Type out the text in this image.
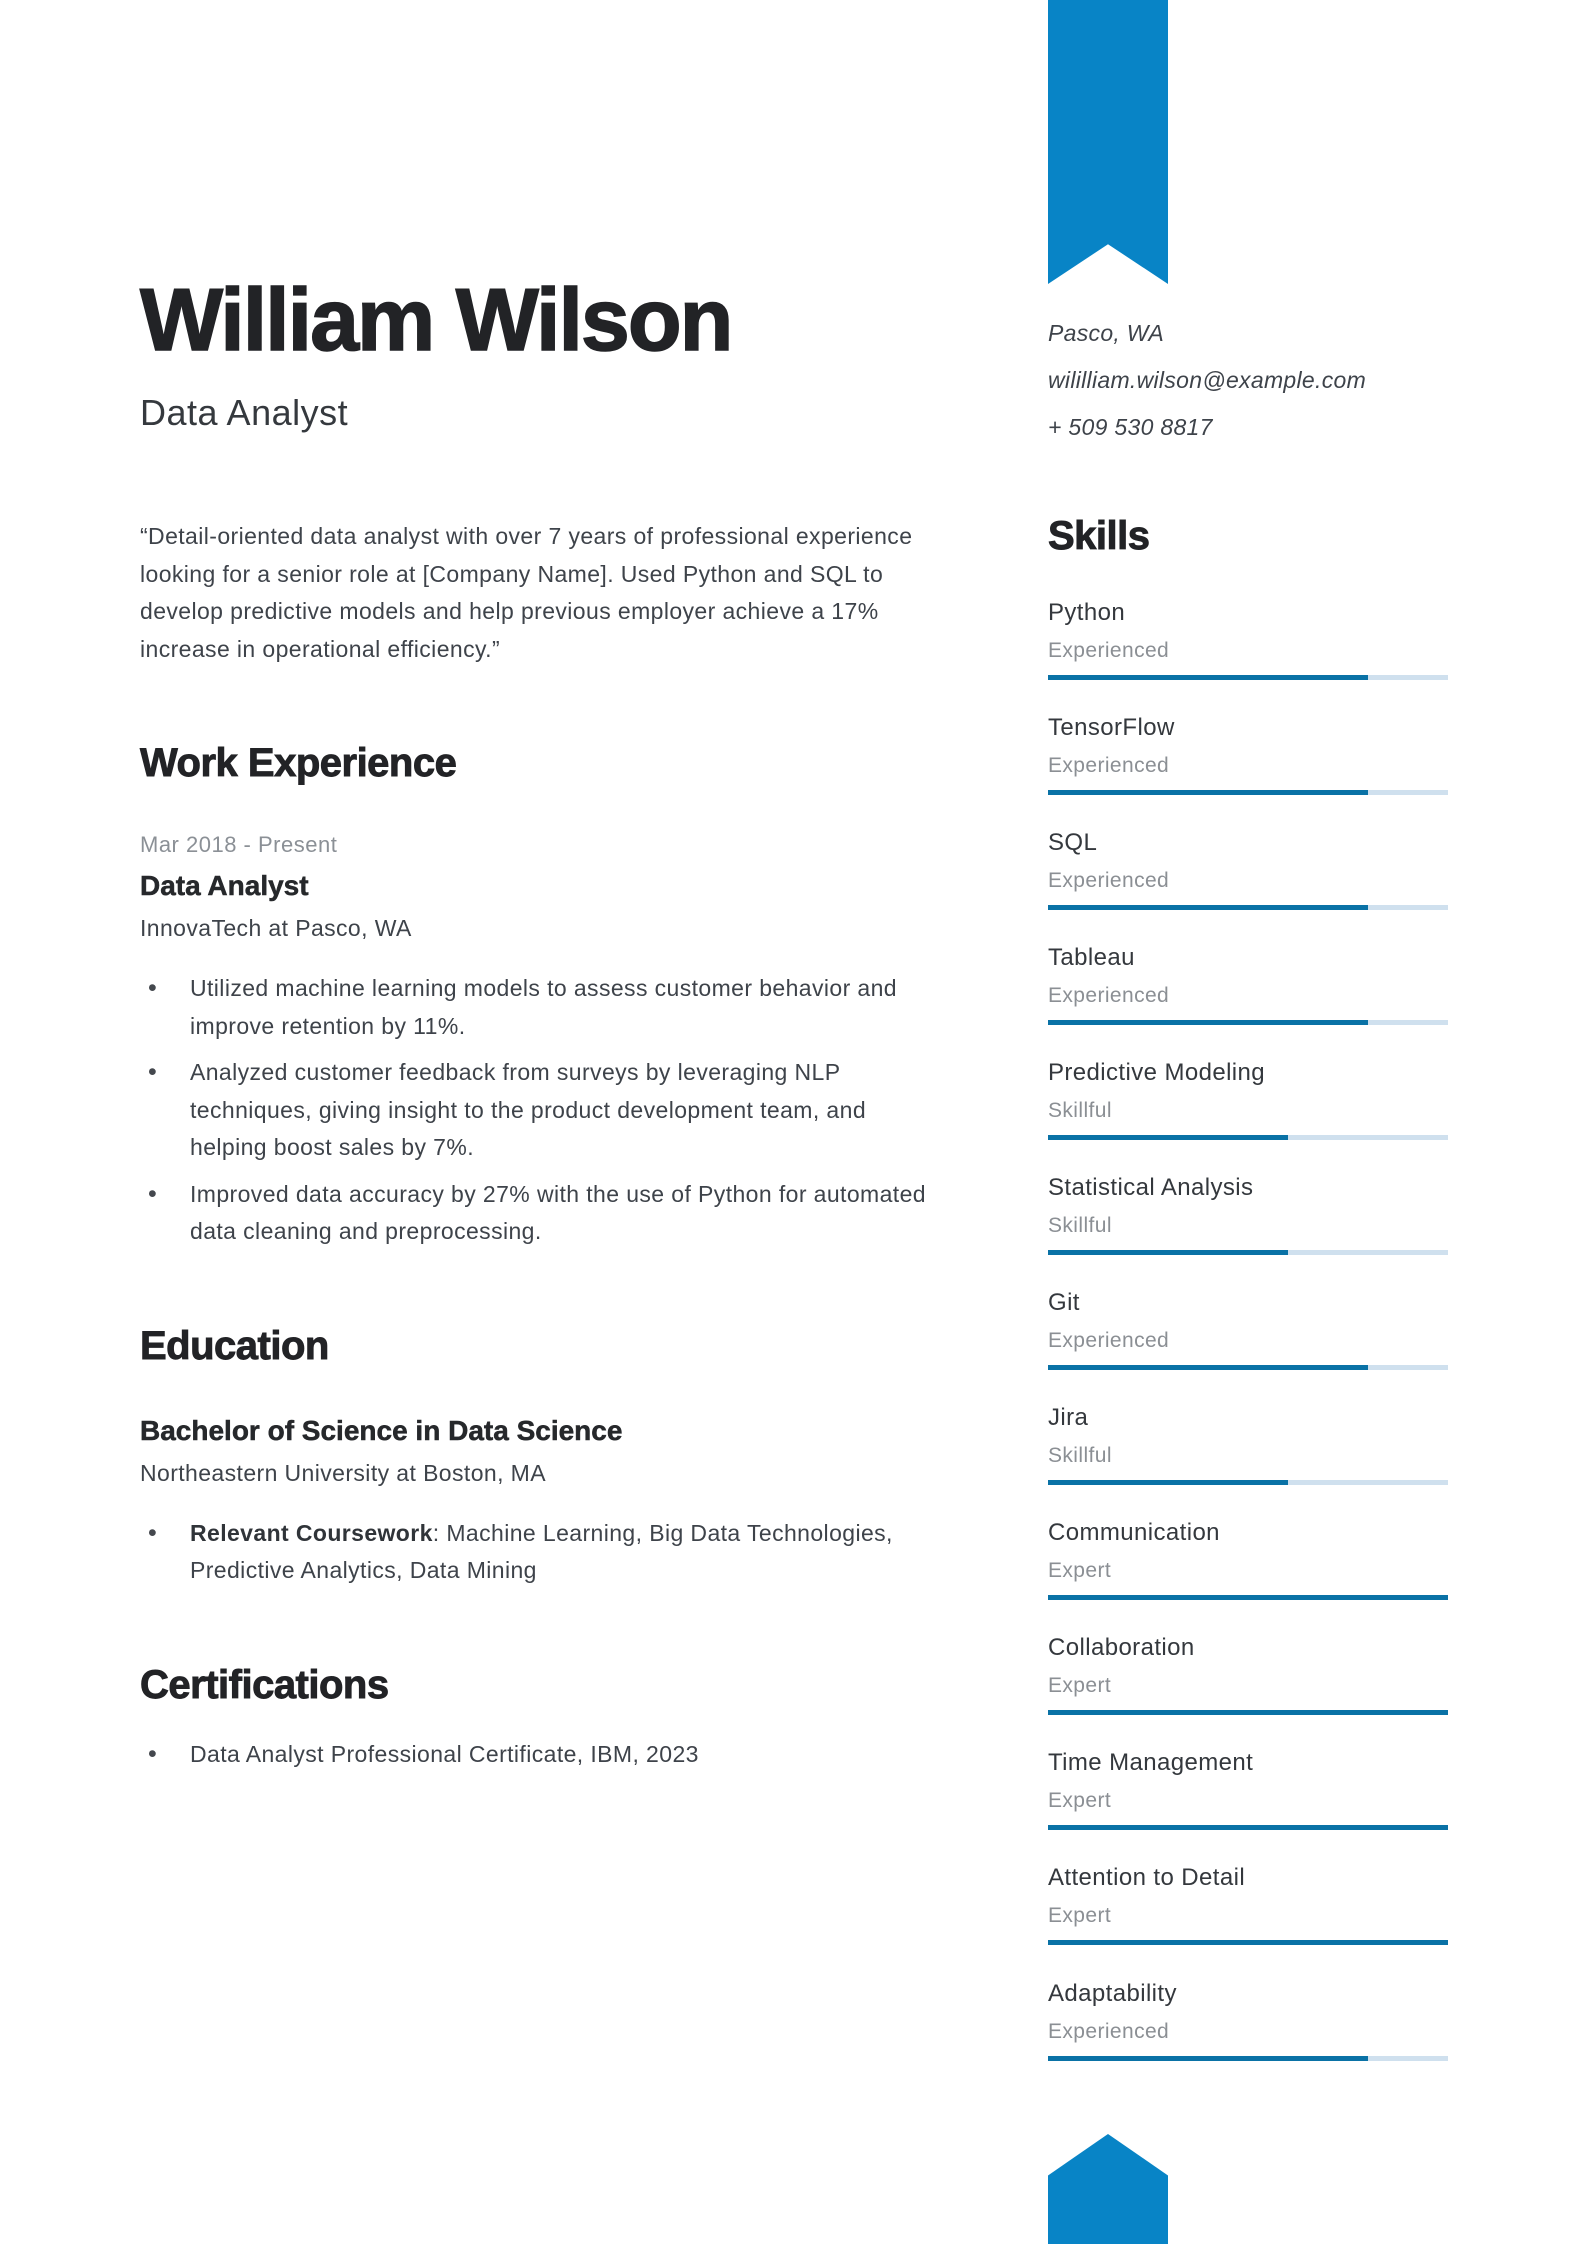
William Wilson
Data Analyst

“Detail-oriented data analyst with over 7 years of professional experience looking for a senior role at [Company Name]. Used Python and SQL to develop predictive models and help previous employer achieve a 17% increase in operational efficiency.”

Work Experience
Mar 2018 - Present
Data Analyst
InnovaTech at Pasco, WA
• Utilized machine learning models to assess customer behavior and improve retention by 11%.
• Analyzed customer feedback from surveys by leveraging NLP techniques, giving insight to the product development team, and helping boost sales by 7%.
• Improved data accuracy by 27% with the use of Python for automated data cleaning and preprocessing.
Education
Bachelor of Science in Data Science
Northeastern University at Boston, MA
• Relevant Coursework: Machine Learning, Big Data Technologies, Predictive Analytics, Data Mining
Certifications
• Data Analyst Professional Certificate, IBM, 2023
Pasco, WA
wililliam.wilson@example.com
+ 509 530 8817
Skills
Python
Experienced
TensorFlow
Experienced
SQL
Experienced
Tableau
Experienced
Predictive Modeling
Skillful
Statistical Analysis
Skillful
Git
Experienced
Jira
Skillful
Communication
Expert
Collaboration
Expert
Time Management
Expert
Attention to Detail
Expert
Adaptability
Experienced
